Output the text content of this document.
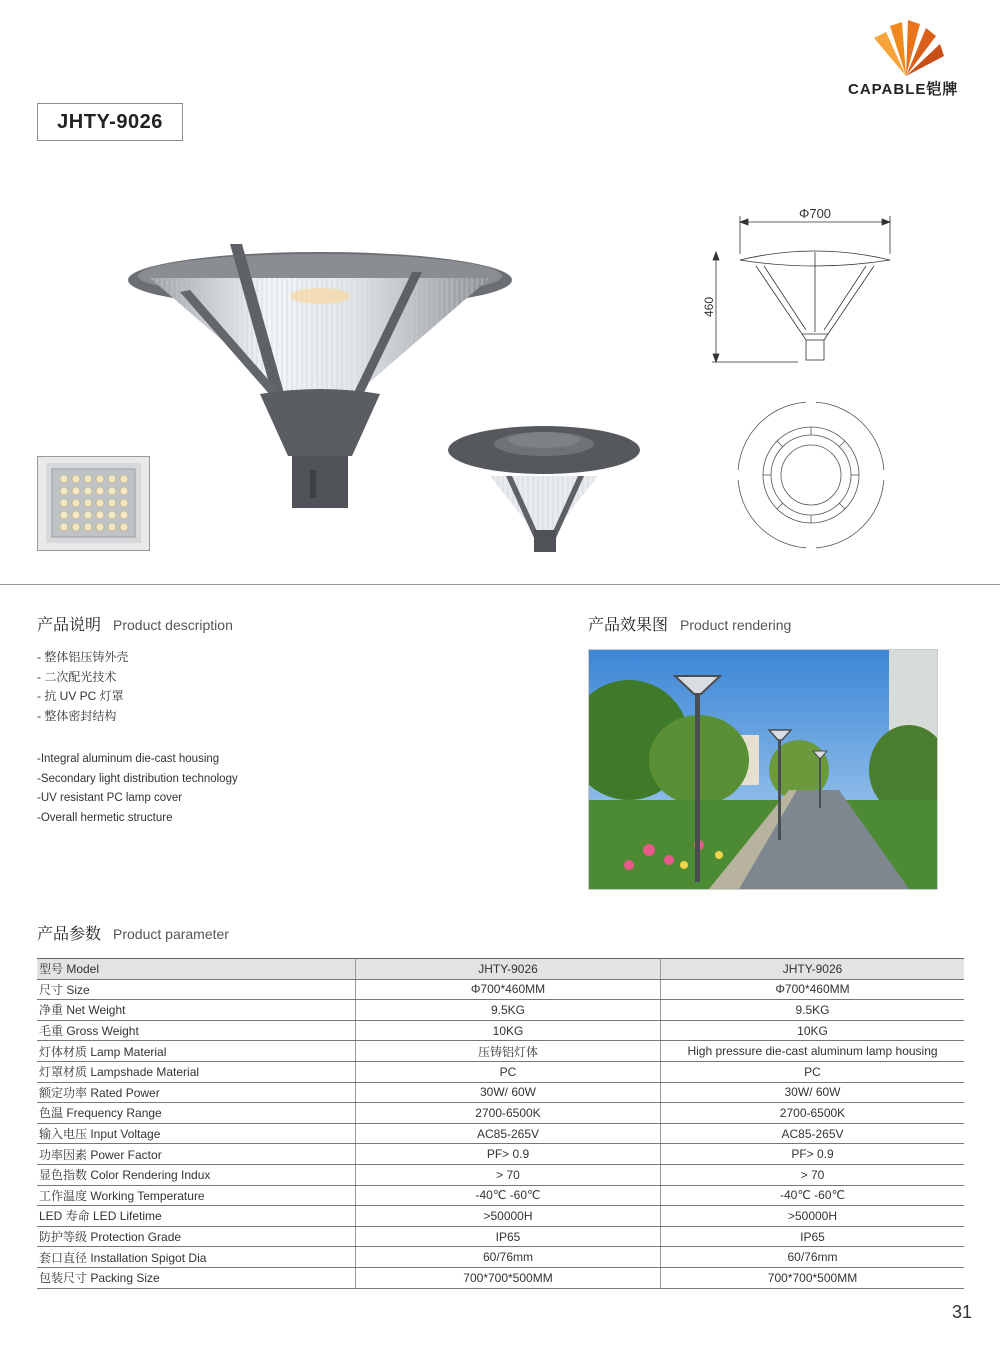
CAPABLE铠牌
JHTY-9026
Φ700
460
产品说明 Product description
- 整体铝压铸外壳
- 二次配光技术
- 抗 UV PC 灯罩
- 整体密封结构
-Integral aluminum die-cast housing
-Secondary light distribution technology
-UV resistant PC lamp cover
-Overall hermetic structure
产品效果图 Product rendering
产品参数 Product parameter
型号 Model	JHTY-9026	JHTY-9026
尺寸 Size	Φ700*460MM	Φ700*460MM
净重 Net Weight	9.5KG	9.5KG
毛重 Gross Weight	10KG	10KG
灯体材质 Lamp Material	压铸铝灯体	High pressure die-cast aluminum lamp housing
灯罩材质 Lampshade Material	PC	PC
额定功率 Rated Power	30W/ 60W	30W/ 60W
色温 Frequency Range	2700-6500K	2700-6500K
输入电压 Input Voltage	AC85-265V	AC85-265V
功率因素 Power Factor	PF> 0.9	PF> 0.9
显色指数 Color Rendering Indux	> 70	> 70
工作温度 Working Temperature	-40℃ -60℃	-40℃ -60℃
LED 寿命 LED Lifetime	>50000H	>50000H
防护等级 Protection Grade	IP65	IP65
套口直径 Installation Spigot Dia	60/76mm	60/76mm
包装尺寸 Packing Size	700*700*500MM	700*700*500MM
31
